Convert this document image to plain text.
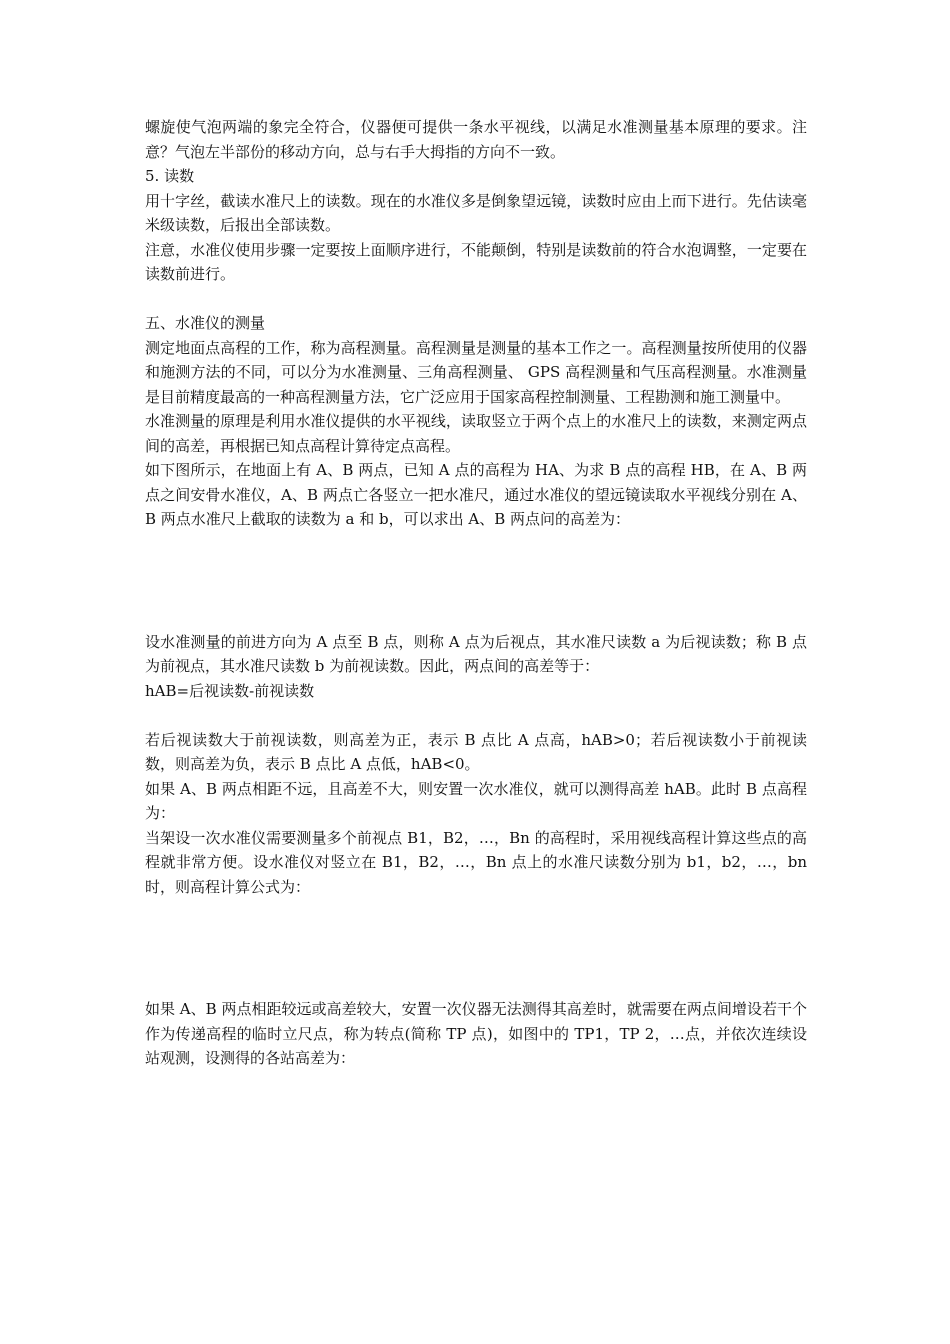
螺旋使气泡两端的象完全符合，仪器便可提供一条水平视线，以满足水准测量基本原理的要求。注意？气泡左半部份的移动方向，总与右手大拇指的方向不一致。

5. 读数

用十字丝，截读水准尺上的读数。现在的水准仪多是倒象望远镜，读数时应由上而下进行。先估读毫米级读数，后报出全部读数。

注意，水准仪使用步骤一定要按上面顺序进行，不能颠倒，特别是读数前的符合水泡调整，一定要在读数前进行。

五、水准仪的测量

测定地面点高程的工作，称为高程测量。高程测量是测量的基本工作之一。高程测量按所使用的仪器和施测方法的不同，可以分为水准测量、三角高程测量、 GPS 高程测量和气压高程测量。水准测量是目前精度最高的一种高程测量方法，它广泛应用于国家高程控制测量、工程勘测和施工测量中。

水准测量的原理是利用水准仪提供的水平视线，读取竖立于两个点上的水准尺上的读数，来测定两点间的高差，再根据已知点高程计算待定点高程。

如下图所示，在地面上有 A、B 两点，已知 A 点的高程为 HA、为求 B 点的高程 HB，在 A、B 两点之间安骨水准仪，A、B 两点亡各竖立一把水准尺，通过水准仪的望远镜读取水平视线分别在 A、B 两点水准尺上截取的读数为 a 和 b，可以求出 A、B 两点问的高差为：

设水准测量的前进方向为 A 点至 B 点，则称 A 点为后视点，其水准尺读数 a 为后视读数；称 B 点为前视点，其水准尺读数 b 为前视读数。因此，两点间的高差等于：

hAB=后视读数-前视读数

若后视读数大于前视读数，则高差为正，表示 B 点比 A 点高，hAB>0；若后视读数小于前视读数，则高差为负，表示 B 点比 A 点低，hAB<0。

如果 A、B 两点相距不远，且高差不大，则安置一次水准仪，就可以测得高差 hAB。此时 B 点高程为：

当架设一次水准仪需要测量多个前视点 B1，B2，…，Bn 的高程时，采用视线高程计算这些点的高程就非常方便。设水准仪对竖立在 B1，B2，…，Bn 点上的水准尺读数分别为 b1，b2，…，bn 时，则高程计算公式为：

如果 A、B 两点相距较远或高差较大，安置一次仪器无法测得其高差时，就需要在两点间增设若干个作为传递高程的临时立尺点，称为转点(简称 TP 点)，如图中的 TP1，TP 2，…点，并依次连续设站观测，设测得的各站高差为：
